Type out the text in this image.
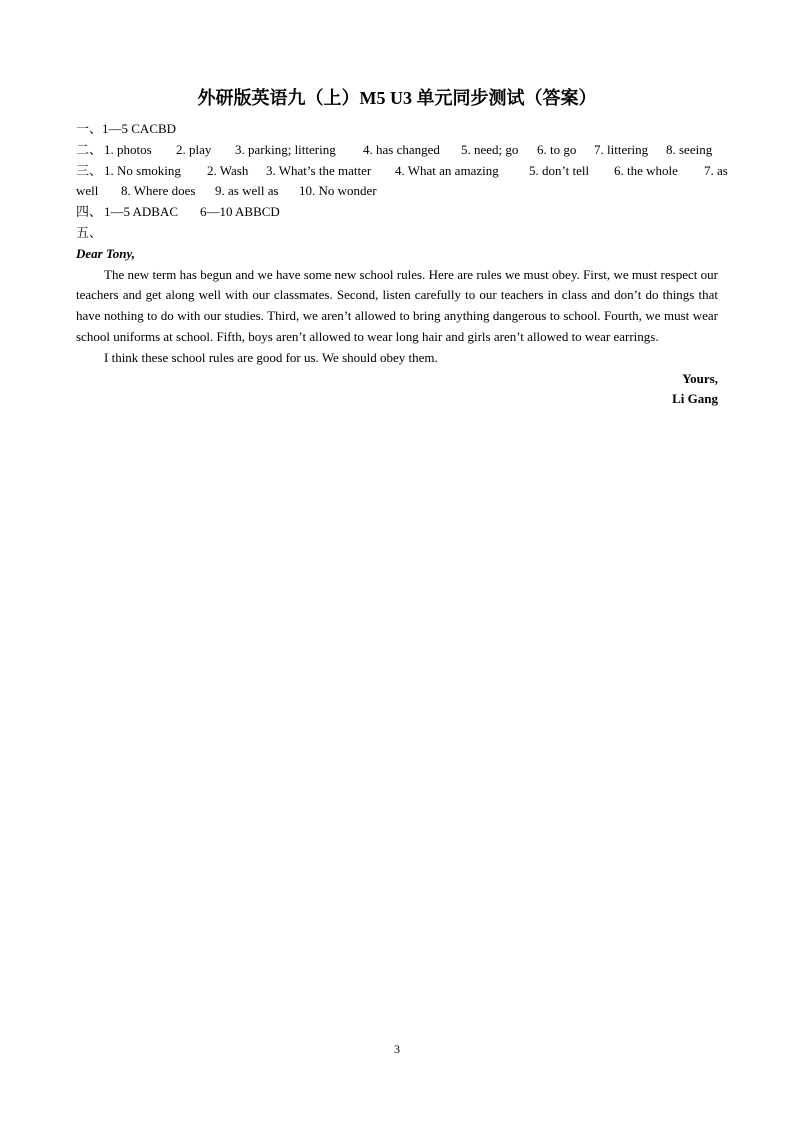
外研版英语九（上）M5 U3 单元同步测试（答案）
一、1—5 CACBD
二、 1. photos 2. play 3. parking; littering 4. has changed 5. need; go 6. to go 7. littering 8. seeing
三、 1. No smoking 2. Wash 3. What’s the matter 4. What an amazing 5. don’t tell 6. the whole 7. as
well 8. Where does 9. as well as 10. No wonder
四、 1—5 ADBAC 6—10 ABBCD
五、
Dear Tony,

The new term has begun and we have some new school rules. Here are rules we must obey. First, we must respect our teachers and get along well with our classmates. Second, listen carefully to our teachers in class and don’t do things that have nothing to do with our studies. Third, we aren’t allowed to bring anything dangerous to school. Fourth, we must wear school uniforms at school. Fifth, boys aren’t allowed to wear long hair and girls aren’t allowed to wear earrings.

I think these school rules are good for us. We should obey them.

Yours,
Li Gang
3
